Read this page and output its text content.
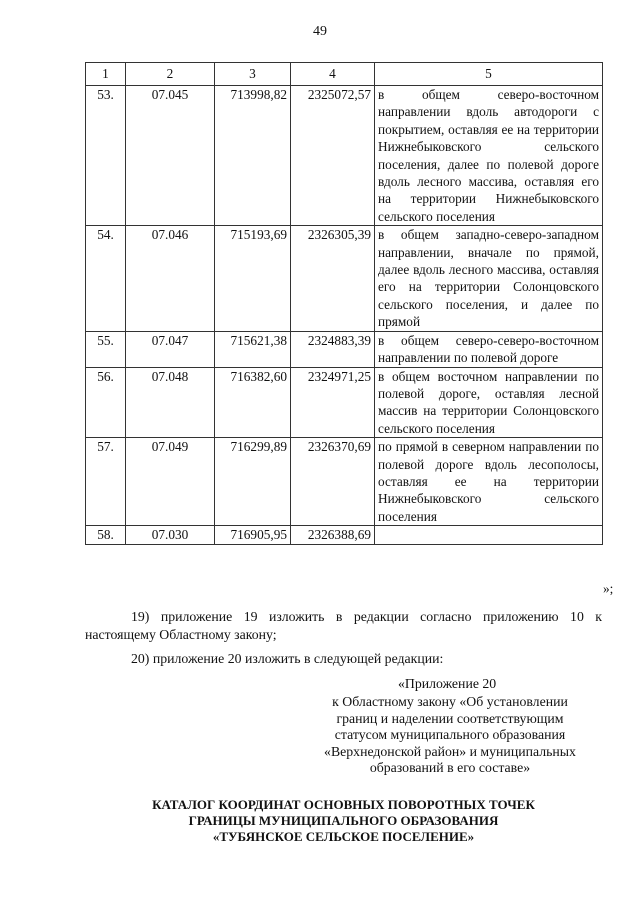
49
1	2	3	4	5
53.	07.045	713998,82	2325072,57	в общем северо-восточном направлении вдоль автодороги с покрытием, оставляя ее на территории Нижнебыковского сельского поселения, далее по полевой дороге вдоль лесного массива, оставляя его на территории Нижнебыковского сельского поселения
54.	07.046	715193,69	2326305,39	в общем западно-северо-западном направлении, вначале по прямой, далее вдоль лесного массива, оставляя его на территории Солонцовского сельского поселения, и далее по прямой
55.	07.047	715621,38	2324883,39	в общем северо-северо-восточном направлении по полевой дороге
56.	07.048	716382,60	2324971,25	в общем восточном направлении по полевой дороге, оставляя лесной массив на территории Солонцовского сельского поселения
57.	07.049	716299,89	2326370,69	по прямой в северном направлении по полевой дороге вдоль лесополосы, оставляя ее на территории Нижнебыковского сельского поселения
58.	07.030	716905,95	2326388,69	
»;
19) приложение 19 изложить в редакции согласно приложению 10 к настоящему Областному закону;
20) приложение 20 изложить в следующей редакции:
«Приложение 20
к Областному закону «Об установлении
границ и наделении соответствующим
статусом муниципального образования
«Верхнедонской район» и муниципальных
образований в его составе»
КАТАЛОГ КООРДИНАТ ОСНОВНЫХ ПОВОРОТНЫХ ТОЧЕК
ГРАНИЦЫ МУНИЦИПАЛЬНОГО ОБРАЗОВАНИЯ
«ТУБЯНСКОЕ СЕЛЬСКОЕ ПОСЕЛЕНИЕ»
